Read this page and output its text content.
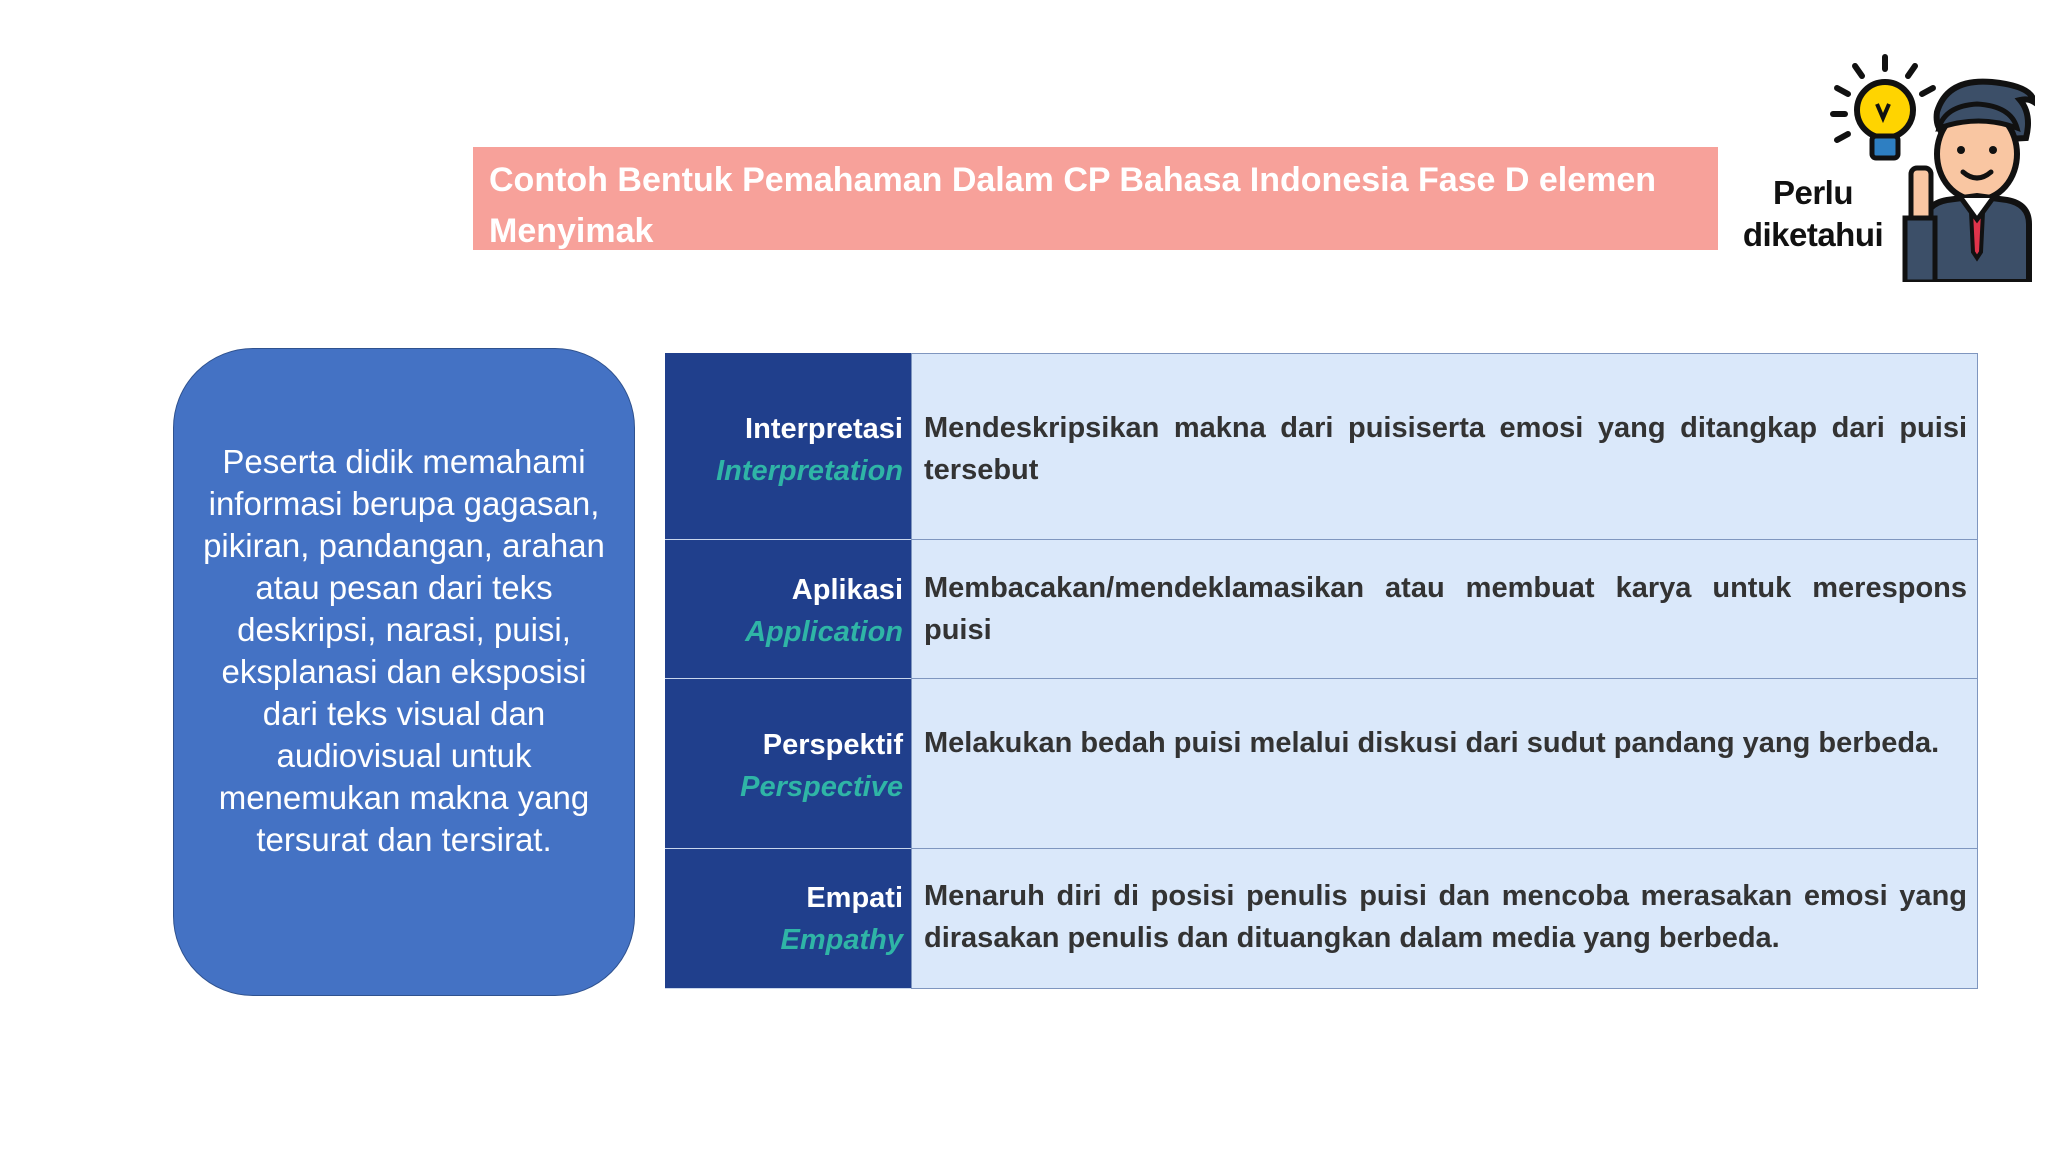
Contoh Bentuk Pemahaman Dalam CP Bahasa Indonesia Fase D elemen Menyimak
Perlu diketahui
Peserta didik memahami informasi berupa gagasan, pikiran, pandangan, arahan atau pesan dari teks deskripsi, narasi, puisi, eksplanasi dan eksposisi dari teks visual dan audiovisual untuk menemukan makna yang tersurat dan tersirat.
Interpretasi
Interpretation
Mendeskripsikan makna dari puisiserta emosi yang ditangkap dari puisi tersebut
Aplikasi
Application
Membacakan/mendeklamasikan atau membuat karya untuk merespons puisi
Perspektif
Perspective
Melakukan bedah puisi melalui diskusi dari sudut pandang yang berbeda.
Empati
Empathy
Menaruh diri di posisi penulis puisi dan mencoba merasakan emosi yang dirasakan penulis dan dituangkan dalam media yang berbeda.
